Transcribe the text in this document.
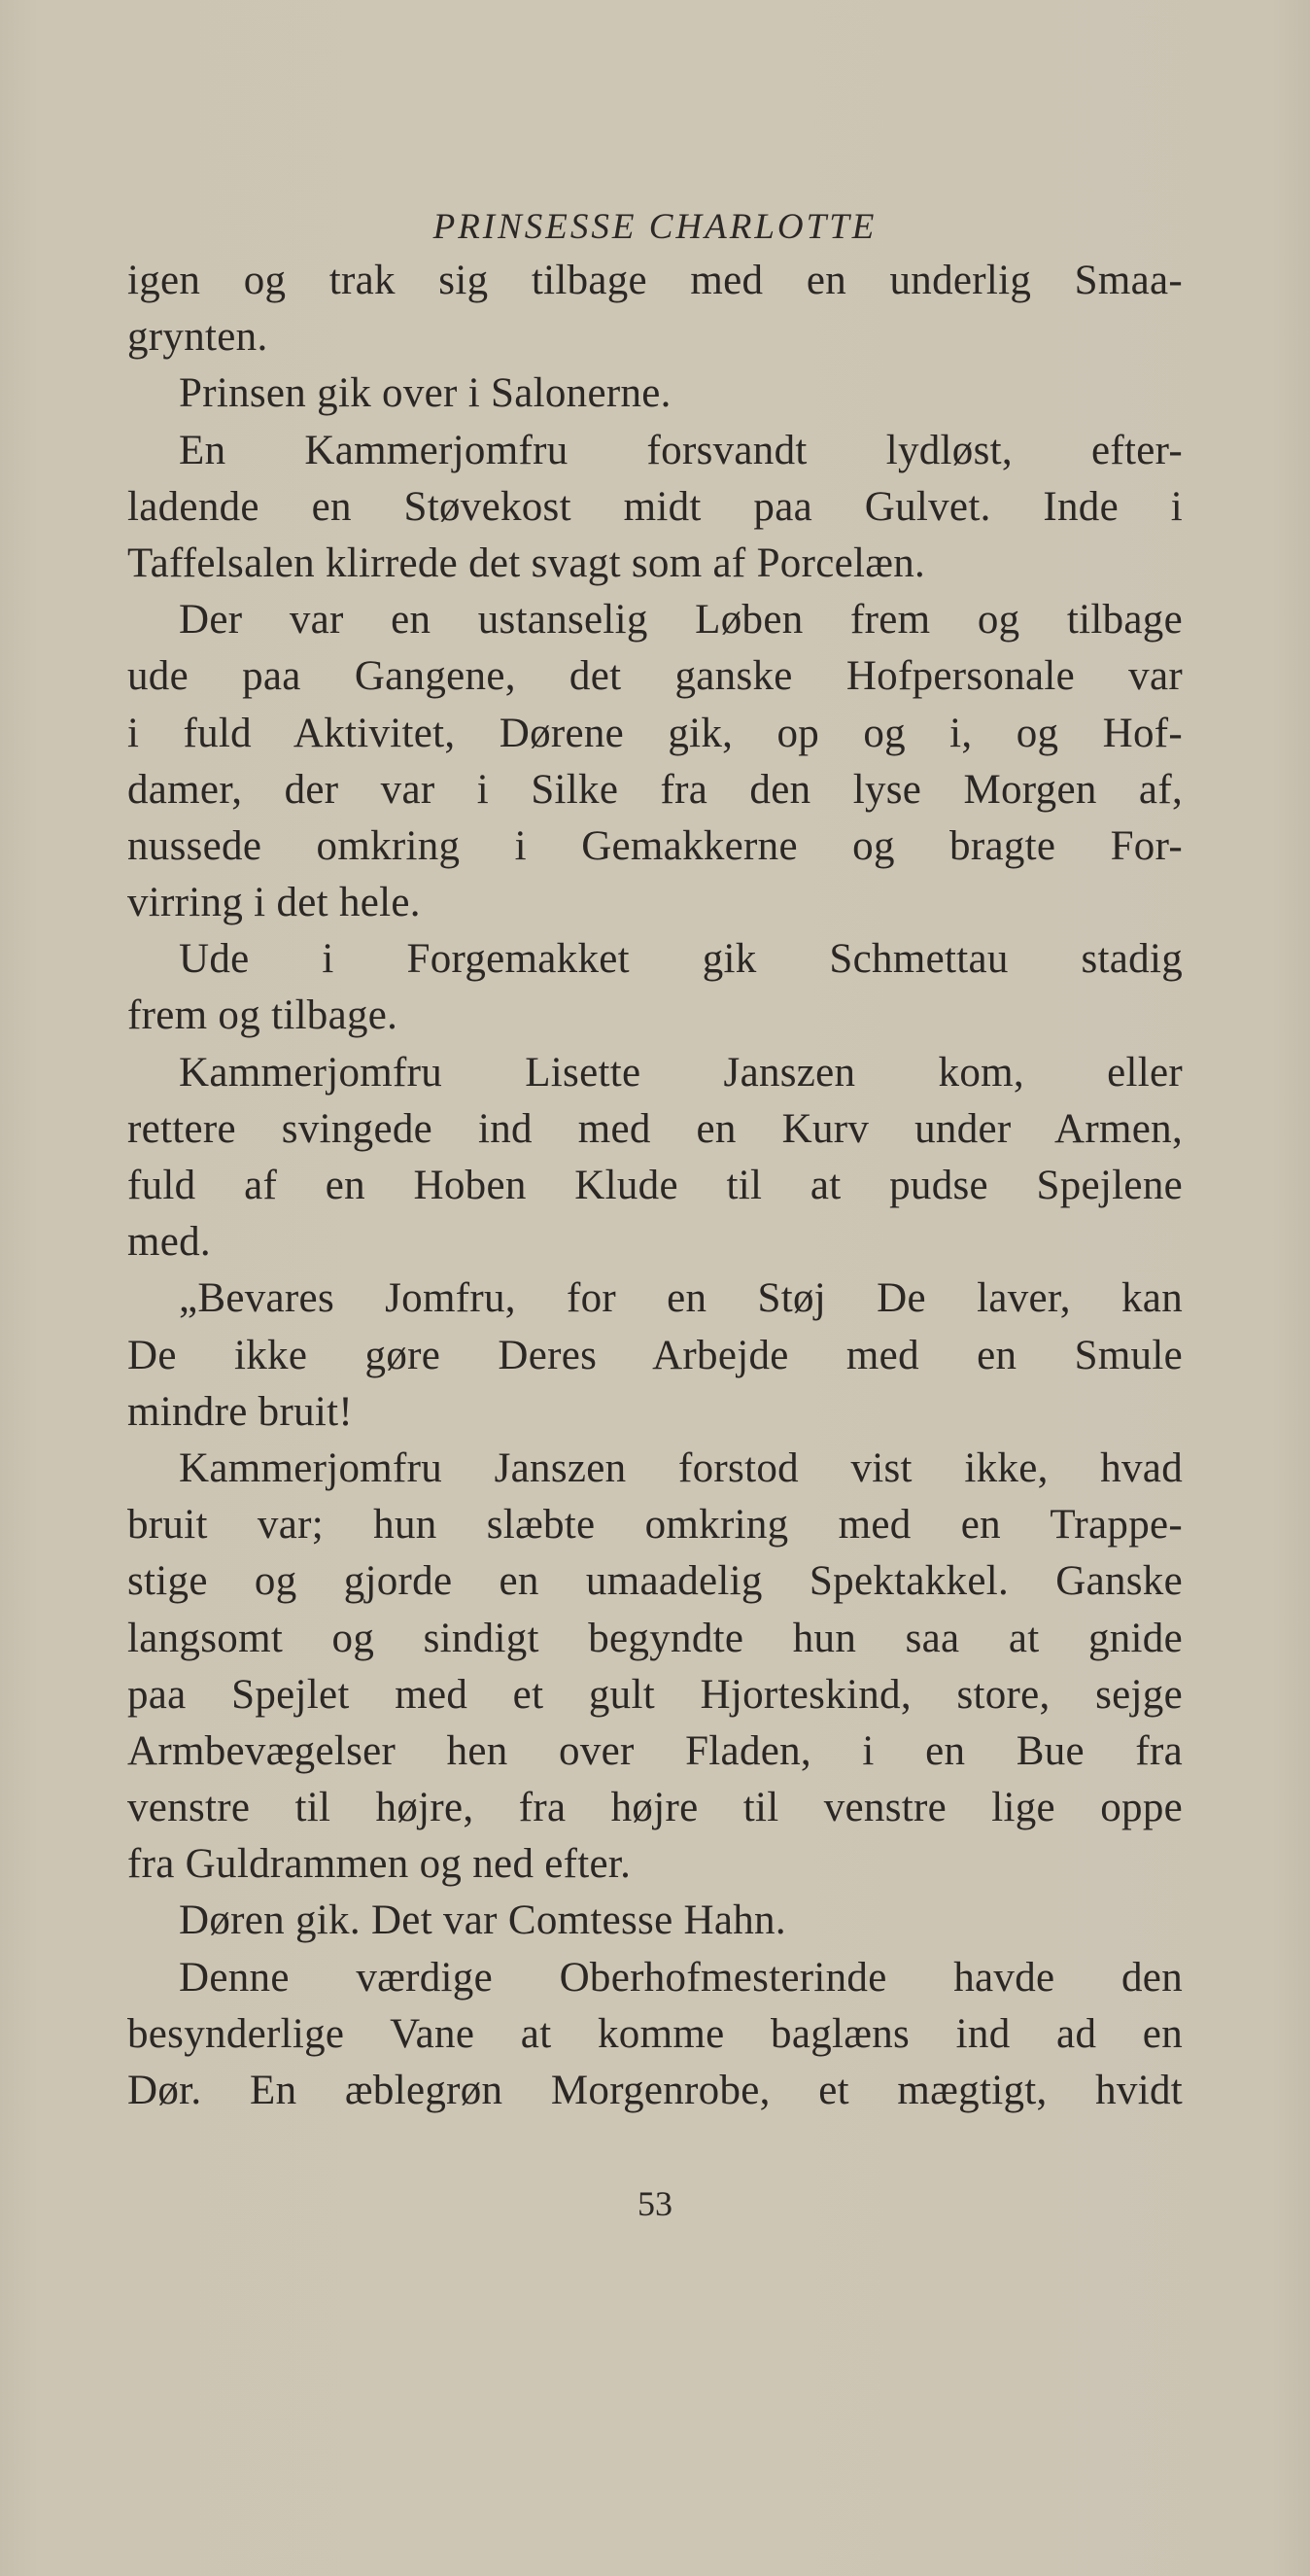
PRINSESSE CHARLOTTE
igen og trak sig tilbage med en underlig Smaa-
grynten.
Prinsen gik over i Salonerne.
En Kammerjomfru forsvandt lydløst, efter-
ladende en Støvekost midt paa Gulvet. Inde i
Taffelsalen klirrede det svagt som af Porcelæn.
Der var en ustanselig Løben frem og tilbage
ude paa Gangene, det ganske Hofpersonale var
i fuld Aktivitet, Dørene gik, op og i, og Hof-
damer, der var i Silke fra den lyse Morgen af,
nussede omkring i Gemakkerne og bragte For-
virring i det hele.
Ude i Forgemakket gik Schmettau stadig
frem og tilbage.
Kammerjomfru Lisette Janszen kom, eller
rettere svingede ind med en Kurv under Armen,
fuld af en Hoben Klude til at pudse Spejlene
med.
„Bevares Jomfru, for en Støj De laver, kan
De ikke gøre Deres Arbejde med en Smule
mindre bruit!
Kammerjomfru Janszen forstod vist ikke, hvad
bruit var; hun slæbte omkring med en Trappe-
stige og gjorde en umaadelig Spektakkel. Ganske
langsomt og sindigt begyndte hun saa at gnide
paa Spejlet med et gult Hjorteskind, store, sejge
Armbevægelser hen over Fladen, i en Bue fra
venstre til højre, fra højre til venstre lige oppe
fra Guldrammen og ned efter.
Døren gik. Det var Comtesse Hahn.
Denne værdige Oberhofmesterinde havde den
besynderlige Vane at komme baglæns ind ad en
Dør. En æblegrøn Morgenrobe, et mægtigt, hvidt
53
